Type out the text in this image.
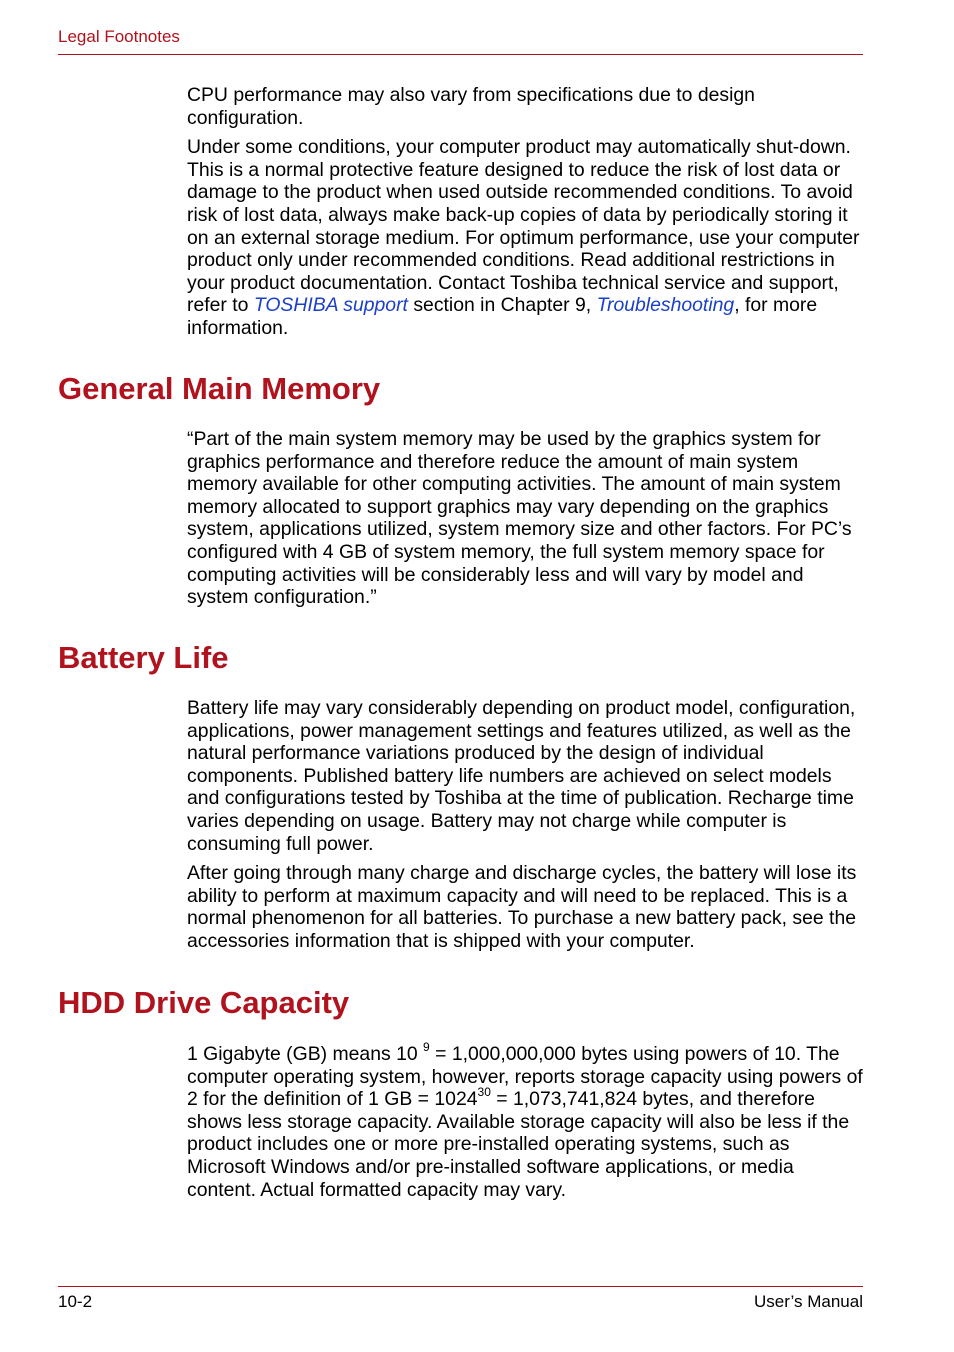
Legal Footnotes

CPU performance may also vary from specifications due to design configuration.

Under some conditions, your computer product may automatically shut-down. This is a normal protective feature designed to reduce the risk of lost data or damage to the product when used outside recommended conditions. To avoid risk of lost data, always make back-up copies of data by periodically storing it on an external storage medium. For optimum performance, use your computer product only under recommended conditions. Read additional restrictions in your product documentation. Contact Toshiba technical service and support, refer to TOSHIBA support section in Chapter 9, Troubleshooting, for more information.

General Main Memory

“Part of the main system memory may be used by the graphics system for graphics performance and therefore reduce the amount of main system memory available for other computing activities. The amount of main system memory allocated to support graphics may vary depending on the graphics system, applications utilized, system memory size and other factors. For PC’s configured with 4 GB of system memory, the full system memory space for computing activities will be considerably less and will vary by model and system configuration.”

Battery Life

Battery life may vary considerably depending on product model, configuration, applications, power management settings and features utilized, as well as the natural performance variations produced by the design of individual components. Published battery life numbers are achieved on select models and configurations tested by Toshiba at the time of publication. Recharge time varies depending on usage. Battery may not charge while computer is consuming full power.

After going through many charge and discharge cycles, the battery will lose its ability to perform at maximum capacity and will need to be replaced. This is a normal phenomenon for all batteries. To purchase a new battery pack, see the accessories information that is shipped with your computer.

HDD Drive Capacity

1 Gigabyte (GB) means 10 $^9$ = 1,000,000,000 bytes using powers of 10. The computer operating system, however, reports storage capacity using powers of 2 for the definition of 1 GB = $1024^{30} = 1,073,741,824$ bytes, and therefore shows less storage capacity. Available storage capacity will also be less if the product includes one or more pre-installed operating systems, such as Microsoft Windows and/or pre-installed software applications, or media content. Actual formatted capacity may vary.

10-2	User’s Manual
